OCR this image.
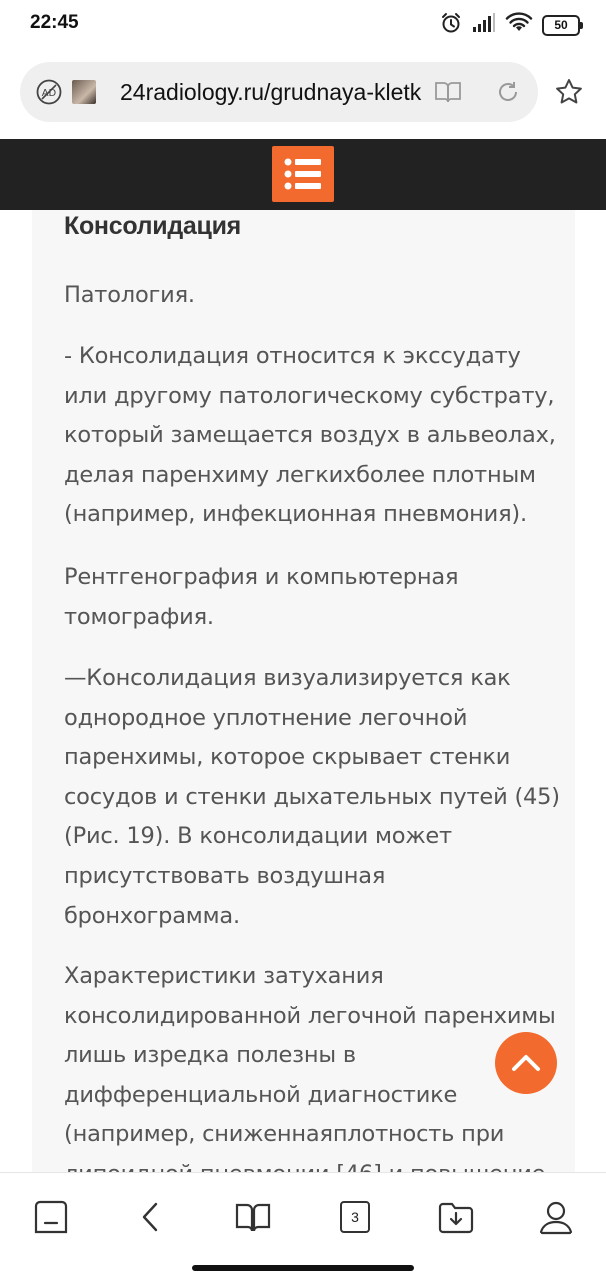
22:45	50
AD	24radiology.ru/grudnaya-kletk
Консолидация

Патология.

- Консолидация относится к экссудату или другому патологическому субстрату, который замещается воздух в альвеолах, делая паренхиму легкихболее плотным (например, инфекционная пневмония).

Рентгенография и компьютерная томография.

—Консолидация визуализируется как однородное уплотнение легочной паренхимы, которое скрывает стенки сосудов и стенки дыхательных путей (45) (Рис. 19). В консолидации может присутствовать воздушная бронхограмма.

Характеристики затухания консолидированной легочной паренхимы лишь изредка полезны в дифференциальной диагностике (например, сниженнаяплотность при

3
